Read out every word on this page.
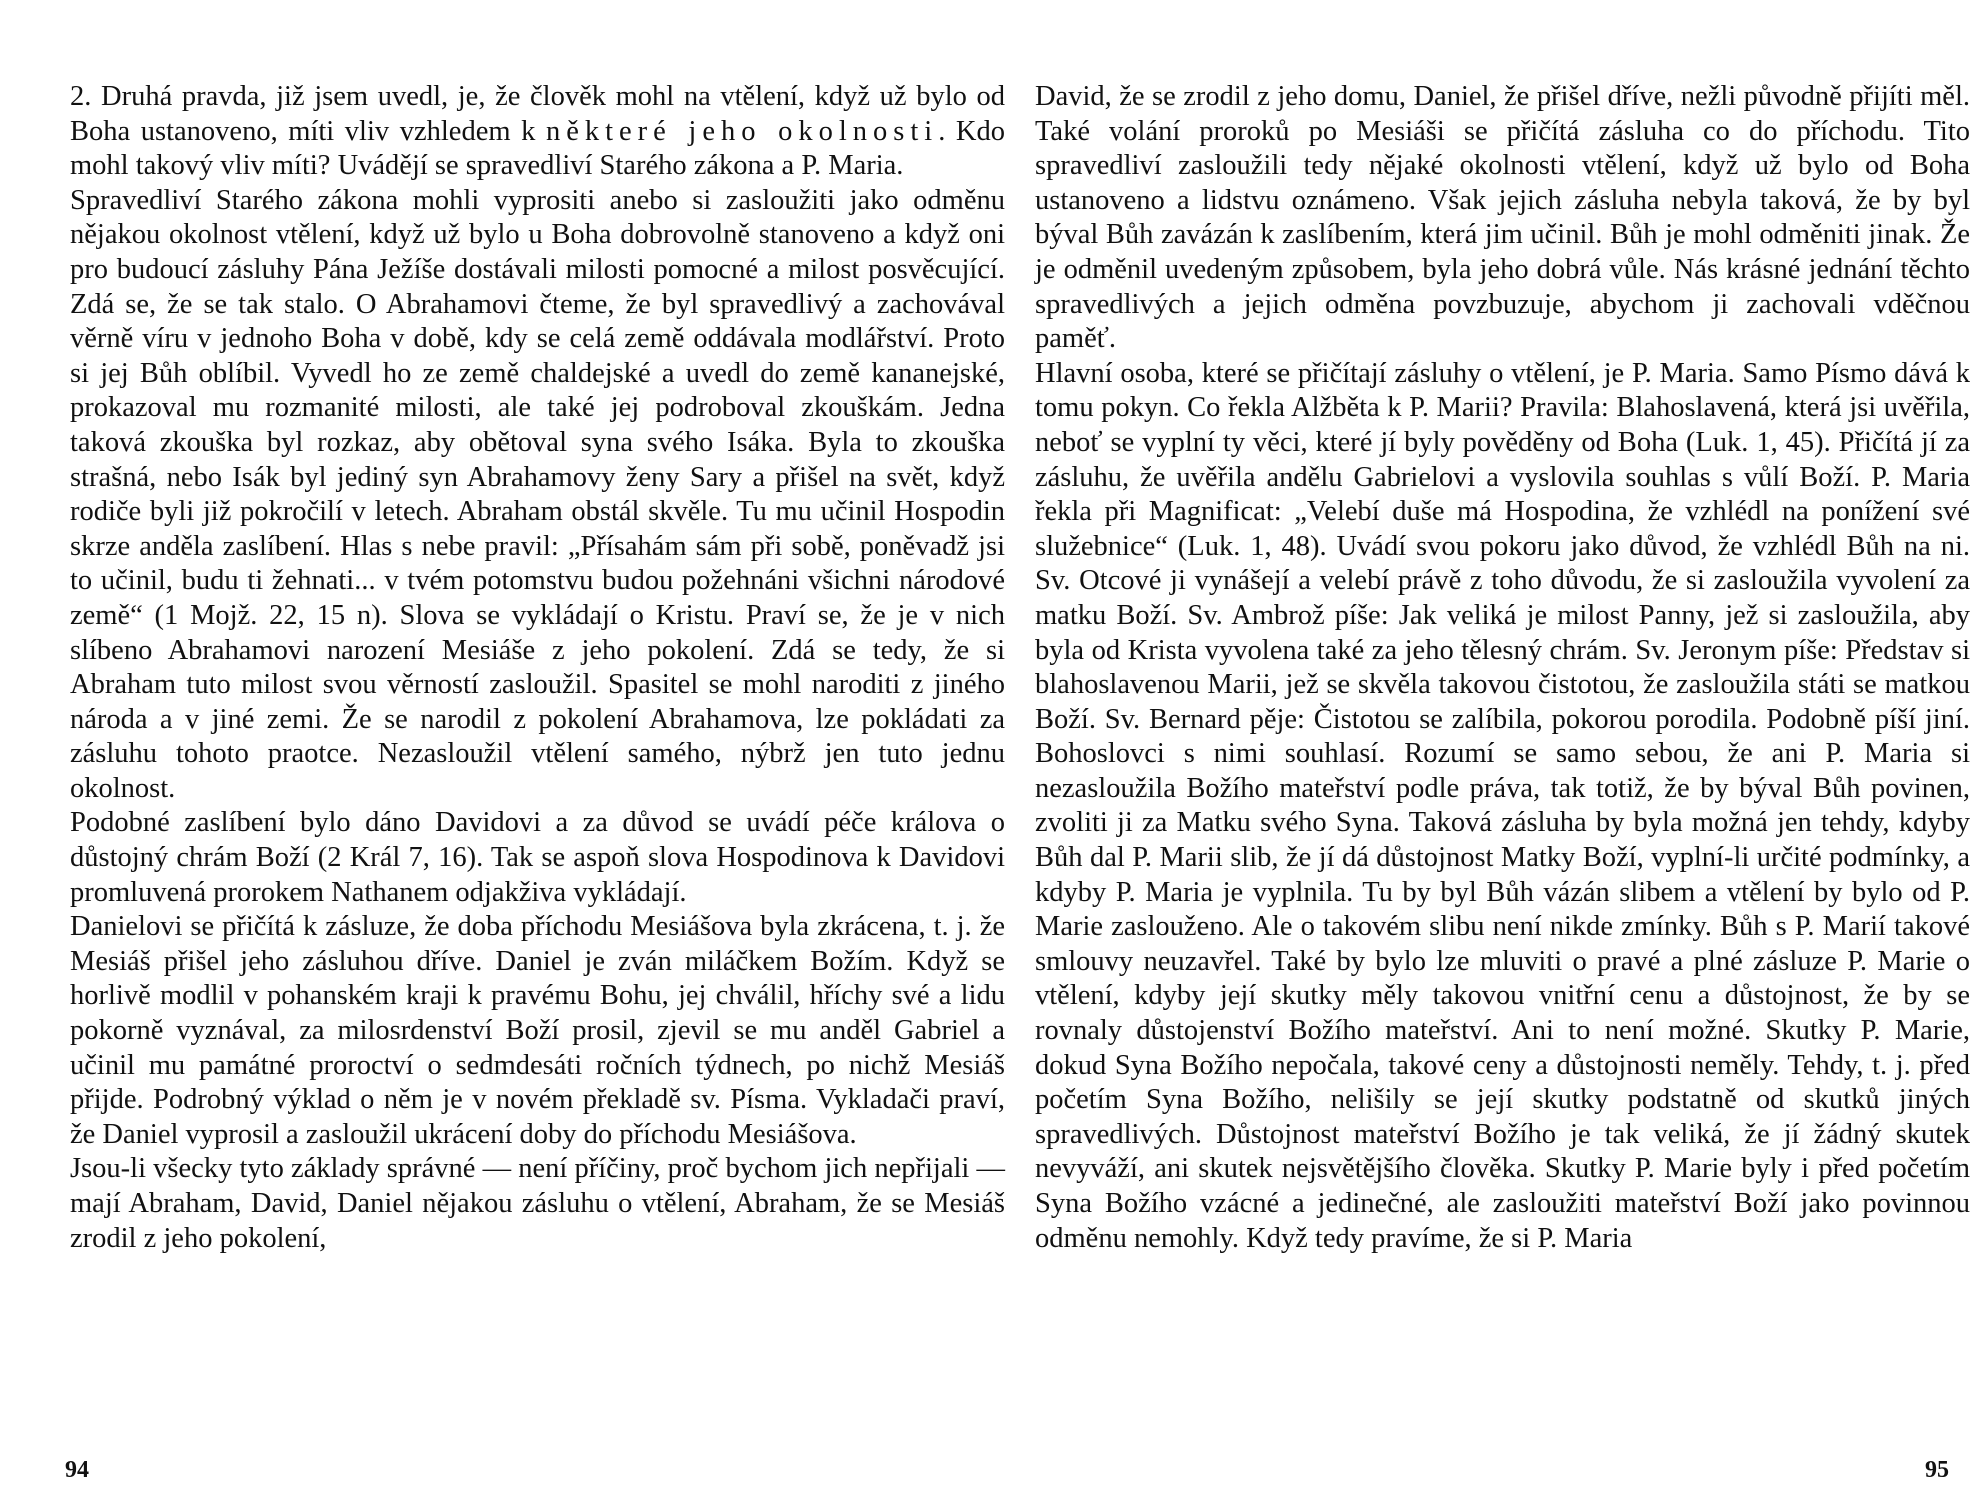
2. Druhá pravda, již jsem uvedl, je, že člověk mohl na vtělení, když už bylo od Boha ustanoveno, míti vliv vzhledem k některé jeho okolnosti. Kdo mohl takový vliv míti? Uvádějí se spravedliví Starého zákona a P. Maria.

Spravedliví Starého zákona mohli vyprositi anebo si zasloužiti jako odměnu nějakou okolnost vtělení, když už bylo u Boha dobrovolně stanoveno a když oni pro budoucí zásluhy Pána Ježíše dostávali milosti pomocné a milost posvěcující. Zdá se, že se tak stalo. O Abrahamovi čteme, že byl spravedlivý a zachovával věrně víru v jednoho Boha v době, kdy se celá země oddávala modlářství. Proto si jej Bůh oblíbil. Vyvedl ho ze země chaldejské a uvedl do země kananejské, prokazoval mu rozmanité milosti, ale také jej podroboval zkouškám. Jedna taková zkouška byl rozkaz, aby obětoval syna svého Isáka. Byla to zkouška strašná, nebo Isák byl jediný syn Abrahamovy ženy Sary a přišel na svět, když rodiče byli již pokročilí v letech. Abraham obstál skvěle. Tu mu učinil Hospodin skrze anděla zaslíbení. Hlas s nebe pravil: „Přísahám sám při sobě, poněvadž jsi to učinil, budu ti žehnati... v tvém potomstvu budou požehnáni všichni národové země“ (1 Mojž. 22, 15 n). Slova se vykládají o Kristu. Praví se, že je v nich slíbeno Abrahamovi narození Mesiáše z jeho pokolení. Zdá se tedy, že si Abraham tuto milost svou věrností zasloužil. Spasitel se mohl naroditi z jiného národa a v jiné zemi. Že se narodil z pokolení Abrahamova, lze pokládati za zásluhu tohoto praotce. Nezasloužil vtělení samého, nýbrž jen tuto jednu okolnost.

Podobné zaslíbení bylo dáno Davidovi a za důvod se uvádí péče králova o důstojný chrám Boží (2 Král 7, 16). Tak se aspoň slova Hospodinova k Davidovi promluvená prorokem Nathanem odjakživa vykládají.

Danielovi se přičítá k zásluze, že doba příchodu Mesiášova byla zkrácena, t. j. že Mesiáš přišel jeho zásluhou dříve. Daniel je zván miláčkem Božím. Když se horlivě modlil v pohanském kraji k pravému Bohu, jej chválil, hříchy své a lidu pokorně vyznával, za milosrdenství Boží prosil, zjevil se mu anděl Gabriel a učinil mu památné proroctví o sedmdesáti ročních týdnech, po nichž Mesiáš přijde. Podrobný výklad o něm je v novém překladě sv. Písma. Vykladači praví, že Daniel vyprosil a zasloužil ukrácení doby do příchodu Mesiášova.

Jsou-li všecky tyto základy správné — není příčiny, proč bychom jich nepřijali — mají Abraham, David, Daniel nějakou zásluhu o vtělení, Abraham, že se Mesiáš zrodil z jeho pokolení,

94

David, že se zrodil z jeho domu, Daniel, že přišel dříve, nežli původně přijíti měl. Také volání proroků po Mesiáši se přičítá zásluha co do příchodu. Tito spravedliví zasloužili tedy nějaké okolnosti vtělení, když už bylo od Boha ustanoveno a lidstvu oznámeno. Však jejich zásluha nebyla taková, že by byl býval Bůh zavázán k zaslíbením, která jim učinil. Bůh je mohl odměniti jinak. Že je odměnil uvedeným způsobem, byla jeho dobrá vůle. Nás krásné jednání těchto spravedlivých a jejich odměna povzbuzuje, abychom ji zachovali vděčnou paměť.

Hlavní osoba, které se přičítají zásluhy o vtělení, je P. Maria. Samo Písmo dává k tomu pokyn. Co řekla Alžběta k P. Marii? Pravila: Blahoslavená, která jsi uvěřila, neboť se vyplní ty věci, které jí byly pověděny od Boha (Luk. 1, 45). Přičítá jí za zásluhu, že uvěřila andělu Gabrielovi a vyslovila souhlas s vůlí Boží. P. Maria řekla při Magnificat: „Velebí duše má Hospodina, že vzhlédl na ponížení své služebnice“ (Luk. 1, 48). Uvádí svou pokoru jako důvod, že vzhlédl Bůh na ni. Sv. Otcové ji vynášejí a velebí právě z toho důvodu, že si zasloužila vyvolení za matku Boží. Sv. Ambrož píše: Jak veliká je milost Panny, jež si zasloužila, aby byla od Krista vyvolena také za jeho tělesný chrám. Sv. Jeronym píše: Představ si blahoslavenou Marii, jež se skvěla takovou čistotou, že zasloužila státi se matkou Boží. Sv. Bernard pěje: Čistotou se zalíbila, pokorou porodila. Podobně píší jiní. Bohoslovci s nimi souhlasí. Rozumí se samo sebou, že ani P. Maria si nezasloužila Božího mateřství podle práva, tak totiž, že by býval Bůh povinen, zvoliti ji za Matku svého Syna. Taková zásluha by byla možná jen tehdy, kdyby Bůh dal P. Marii slib, že jí dá důstojnost Matky Boží, vyplní-li určité podmínky, a kdyby P. Maria je vyplnila. Tu by byl Bůh vázán slibem a vtělení by bylo od P. Marie zaslouženo. Ale o takovém slibu není nikde zmínky. Bůh s P. Marií takové smlouvy neuzavřel. Také by bylo lze mluviti o pravé a plné zásluze P. Marie o vtělení, kdyby její skutky měly takovou vnitřní cenu a důstojnost, že by se rovnaly důstojenství Božího mateřství. Ani to není možné. Skutky P. Marie, dokud Syna Božího nepočala, takové ceny a důstojnosti neměly. Tehdy, t. j. před početím Syna Božího, nelišily se její skutky podstatně od skutků jiných spravedlivých. Důstojnost mateřství Božího je tak veliká, že jí žádný skutek nevyváží, ani skutek nejsvětějšího člověka. Skutky P. Marie byly i před početím Syna Božího vzácné a jedinečné, ale zasloužiti mateřství Boží jako povinnou odměnu nemohly. Když tedy pravíme, že si P. Maria

95
